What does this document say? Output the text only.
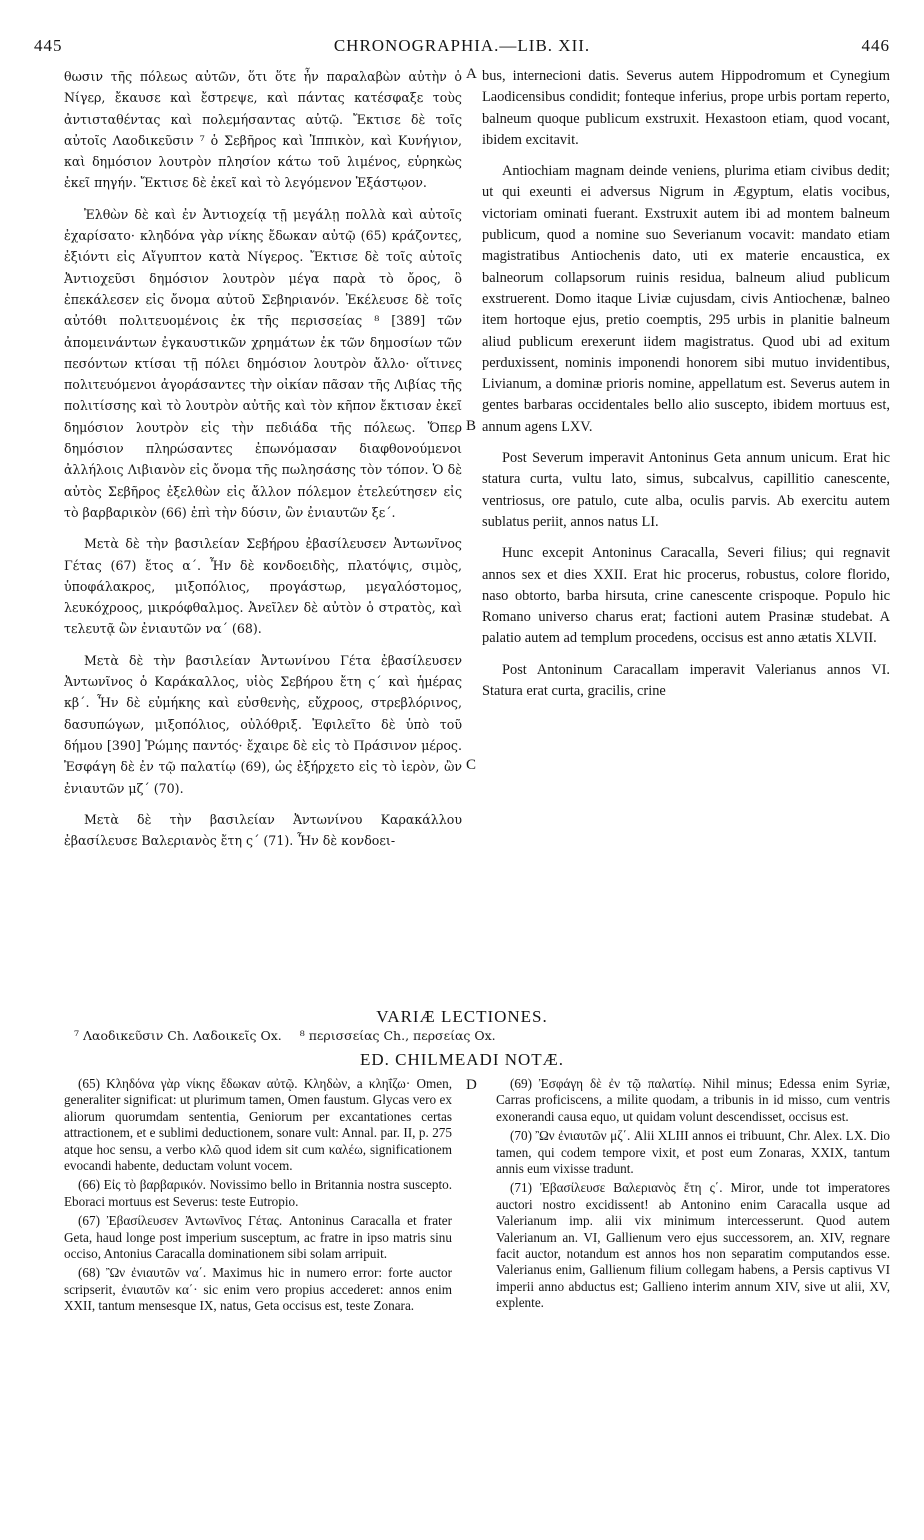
445	CHRONOGRAPHIA.—LIB. XII.	446

θωσιν τῆς πόλεως αὐτῶν, ὅτι ὅτε ἦν παραλαβὼν αὐτὴν ὁ Νίγερ, ἔκαυσε καὶ ἔστρεψε, καὶ πάντας κατέσφαξε τοὺς ἀντισταθέντας καὶ πολεμήσαντας αὐτῷ. Ἔκτισε δὲ τοῖς αὐτοῖς Λαοδικεῦσιν ⁷ ὁ Σεβῆρος καὶ Ἱππικὸν, καὶ Κυνήγιον, καὶ δημόσιον λουτρὸν πλησίον κάτω τοῦ λιμένος, εὑρηκὼς ἐκεῖ πηγήν. Ἔκτισε δὲ ἐκεῖ καὶ τὸ λεγόμενον Ἑξάστῳον.

Ἐλθὼν δὲ καὶ ἐν Ἀντιοχείᾳ τῇ μεγάλῃ πολλὰ καὶ αὐτοῖς ἐχαρίσατο· κληδόνα γὰρ νίκης ἔδωκαν αὐτῷ (65) κράζοντες, ἐξιόντι εἰς Αἴγυπτον κατὰ Νίγερος. Ἔκτισε δὲ τοῖς αὐτοῖς Ἀντιοχεῦσι δημόσιον λουτρὸν μέγα παρὰ τὸ ὄρος, ὃ ἐπεκάλεσεν εἰς ὄνομα αὐτοῦ Σεβηριανόν. Ἐκέλευσε δὲ τοῖς αὐτόθι πολιτευομένοις ἐκ τῆς περισσείας ⁸ [389] τῶν ἀπομεινάντων ἐγκαυστικῶν χρημάτων ἐκ τῶν δημοσίων τῶν πεσόντων κτίσαι τῇ πόλει δημόσιον λουτρὸν ἄλλο· οἵτινες πολιτευόμενοι ἀγοράσαντες τὴν οἰκίαν πᾶσαν τῆς Λιβίας τῆς πολιτίσσης καὶ τὸ λουτρὸν αὐτῆς καὶ τὸν κῆπον ἔκτισαν ἐκεῖ δημόσιον λουτρὸν εἰς τὴν πεδιάδα τῆς πόλεως. Ὅπερ δημόσιον πληρώσαντες ἐπωνόμασαν διαφθονούμενοι ἀλλήλοις Λιβιανὸν εἰς ὄνομα τῆς πωλησάσης τὸν τόπον. Ὁ δὲ αὐτὸς Σεβῆρος ἐξελθὼν εἰς ἄλλον πόλεμον ἐτελεύτησεν εἰς τὸ βαρβαρικὸν (66) ἐπὶ τὴν δύσιν, ὢν ἐνιαυτῶν ξε΄.

Μετὰ δὲ τὴν βασιλείαν Σεβήρου ἐβασίλευσεν Ἀντωνῖνος Γέτας (67) ἔτος α΄. Ἦν δὲ κονδοειδὴς, πλατόψις, σιμὸς, ὑποφάλακρος, μιξοπόλιος, προγάστωρ, μεγαλόστομος, λευκόχροος, μικρόφθαλμος. Ἀνεῖλεν δὲ αὐτὸν ὁ στρατὸς, καὶ τελευτᾷ ὢν ἐνιαυτῶν να΄ (68).

Μετὰ δὲ τὴν βασιλείαν Ἀντωνίνου Γέτα ἐβασίλευσεν Ἀντωνῖνος ὁ Καράκαλλος, υἱὸς Σεβήρου ἔτη ς΄ καὶ ἡμέρας κβ΄. Ἦν δὲ εὐμήκης καὶ εὐσθενὴς, εὔχροος, στρεβλόρινος, δασυπώγων, μιξοπόλιος, οὐλόθριξ. Ἐφιλεῖτο δὲ ὑπὸ τοῦ δήμου [390] Ῥώμης παντός· ἔχαιρε δὲ εἰς τὸ Πράσινον μέρος. Ἐσφάγη δὲ ἐν τῷ παλατίῳ (69), ὡς ἐξήρχετο εἰς τὸ ἱερὸν, ὢν ἐνιαυτῶν μζ΄ (70).

Μετὰ δὲ τὴν βασιλείαν Ἀντωνίνου Καρακάλλου ἐβασίλευσε Βαλεριανὸς ἔτη ς΄ (71). Ἦν δὲ κονδοει-

A
B
C
D

bus, internecioni datis. Severus autem Hippodromum et Cynegium Laodicensibus condidit; fonteque inferius, prope urbis portam reperto, balneum quoque publicum exstruxit. Hexastoon etiam, quod vocant, ibidem excitavit.

Antiochiam magnam deinde veniens, plurima etiam civibus dedit; ut qui exeunti ei adversus Nigrum in Ægyptum, elatis vocibus, victoriam ominati fuerant. Exstruxit autem ibi ad montem balneum publicum, quod a nomine suo Severianum vocavit: mandato etiam magistratibus Antiochenis dato, uti ex materie encaustica, ex balneorum collapsorum ruinis residua, balneum aliud publicum exstruerent. Domo itaque Liviæ cujusdam, civis Antiochenæ, balneo item hortoque ejus, pretio coemptis, 295 urbis in planitie balneum aliud publicum erexerunt iidem magistratus. Quod ubi ad exitum perduxissent, nominis imponendi honorem sibi mutuo invidentibus, Livianum, a dominæ prioris nomine, appellatum est. Severus autem in gentes barbaras occidentales bello alio suscepto, ibidem mortuus est, annum agens LXV.

Post Severum imperavit Antoninus Geta annum unicum. Erat hic statura curta, vultu lato, simus, subcalvus, capillitio canescente, ventriosus, ore patulo, cute alba, oculis parvis. Ab exercitu autem sublatus periit, annos natus LI.

Hunc excepit Antoninus Caracalla, Severi filius; qui regnavit annos sex et dies XXII. Erat hic procerus, robustus, colore florido, naso obtorto, barba hirsuta, crine canescente crispoque. Populo hic Romano universo charus erat; factioni autem Prasinæ studebat. A palatio autem ad templum procedens, occisus est anno ætatis XLVII.

Post Antoninum Caracallam imperavit Valerianus annos VI. Statura erat curta, gracilis, crine

VARIÆ LECTIONES.
⁷ Λαοδικεῦσιν Ch. Λαδοικεῖς Ox. ⁸ περισσείας Ch., περσείας Ox.
ED. CHILMEADI NOTÆ.

(65) Κληδόνα γὰρ νίκης ἔδωκαν αὐτῷ. Κληδὼν, a κληΐζω· Omen, generaliter significat: ut plurimum tamen, Omen faustum. Glycas vero ex aliorum quorumdam sententia, Geniorum per excantationes certas attractionem, et e sublimi deductionem, sonare vult: Annal. par. II, p. 275 atque hoc sensu, a verbo κλῶ quod idem sit cum καλέω, significationem evocandi habente, deductam volunt vocem.

(66) Εἰς τὸ βαρβαρικόν. Novissimo bello in Britannia nostra suscepto. Eboraci mortuus est Severus: teste Eutropio.

(67) Ἐβασίλευσεν Ἀντωνῖνος Γέτας. Antoninus Caracalla et frater Geta, haud longe post imperium susceptum, ac fratre in ipso matris sinu occiso, Antonius Caracalla dominationem sibi solam arripuit.

(68) Ὢν ἐνιαυτῶν να΄. Maximus hic in numero error: forte auctor scripserit, ἐνιαυτῶν κα΄· sic enim vero propius accederet: annos enim XXII, tantum mensesque IX, natus, Geta occisus est, teste Zonara.

(69) Ἐσφάγη δὲ ἐν τῷ παλατίῳ. Nihil minus; Edessa enim Syriæ, Carras proficiscens, a milite quodam, a tribunis in id misso, cum ventris exonerandi causa equo, ut quidam volunt descendisset, occisus est.

(70) Ὢν ἐνιαυτῶν μζ΄. Alii XLIII annos ei tribuunt, Chr. Alex. LX. Dio tamen, qui codem tempore vixit, et post eum Zonaras, XXIX, tantum annis eum vixisse tradunt.

(71) Ἐβασίλευσε Βαλεριανὸς ἔτη ς΄. Miror, unde tot imperatores auctori nostro excidissent! ab Antonino enim Caracalla usque ad Valerianum imp. alii vix minimum intercesserunt. Quod autem Valerianum an. VI, Gallienum vero ejus successorem, an. XIV, regnare facit auctor, notandum est annos hos non separatim computandos esse. Valerianus enim, Gallienum filium collegam habens, a Persis captivus VI imperii anno abductus est; Gallieno interim annum XIV, sive ut alii, XV, explente.
